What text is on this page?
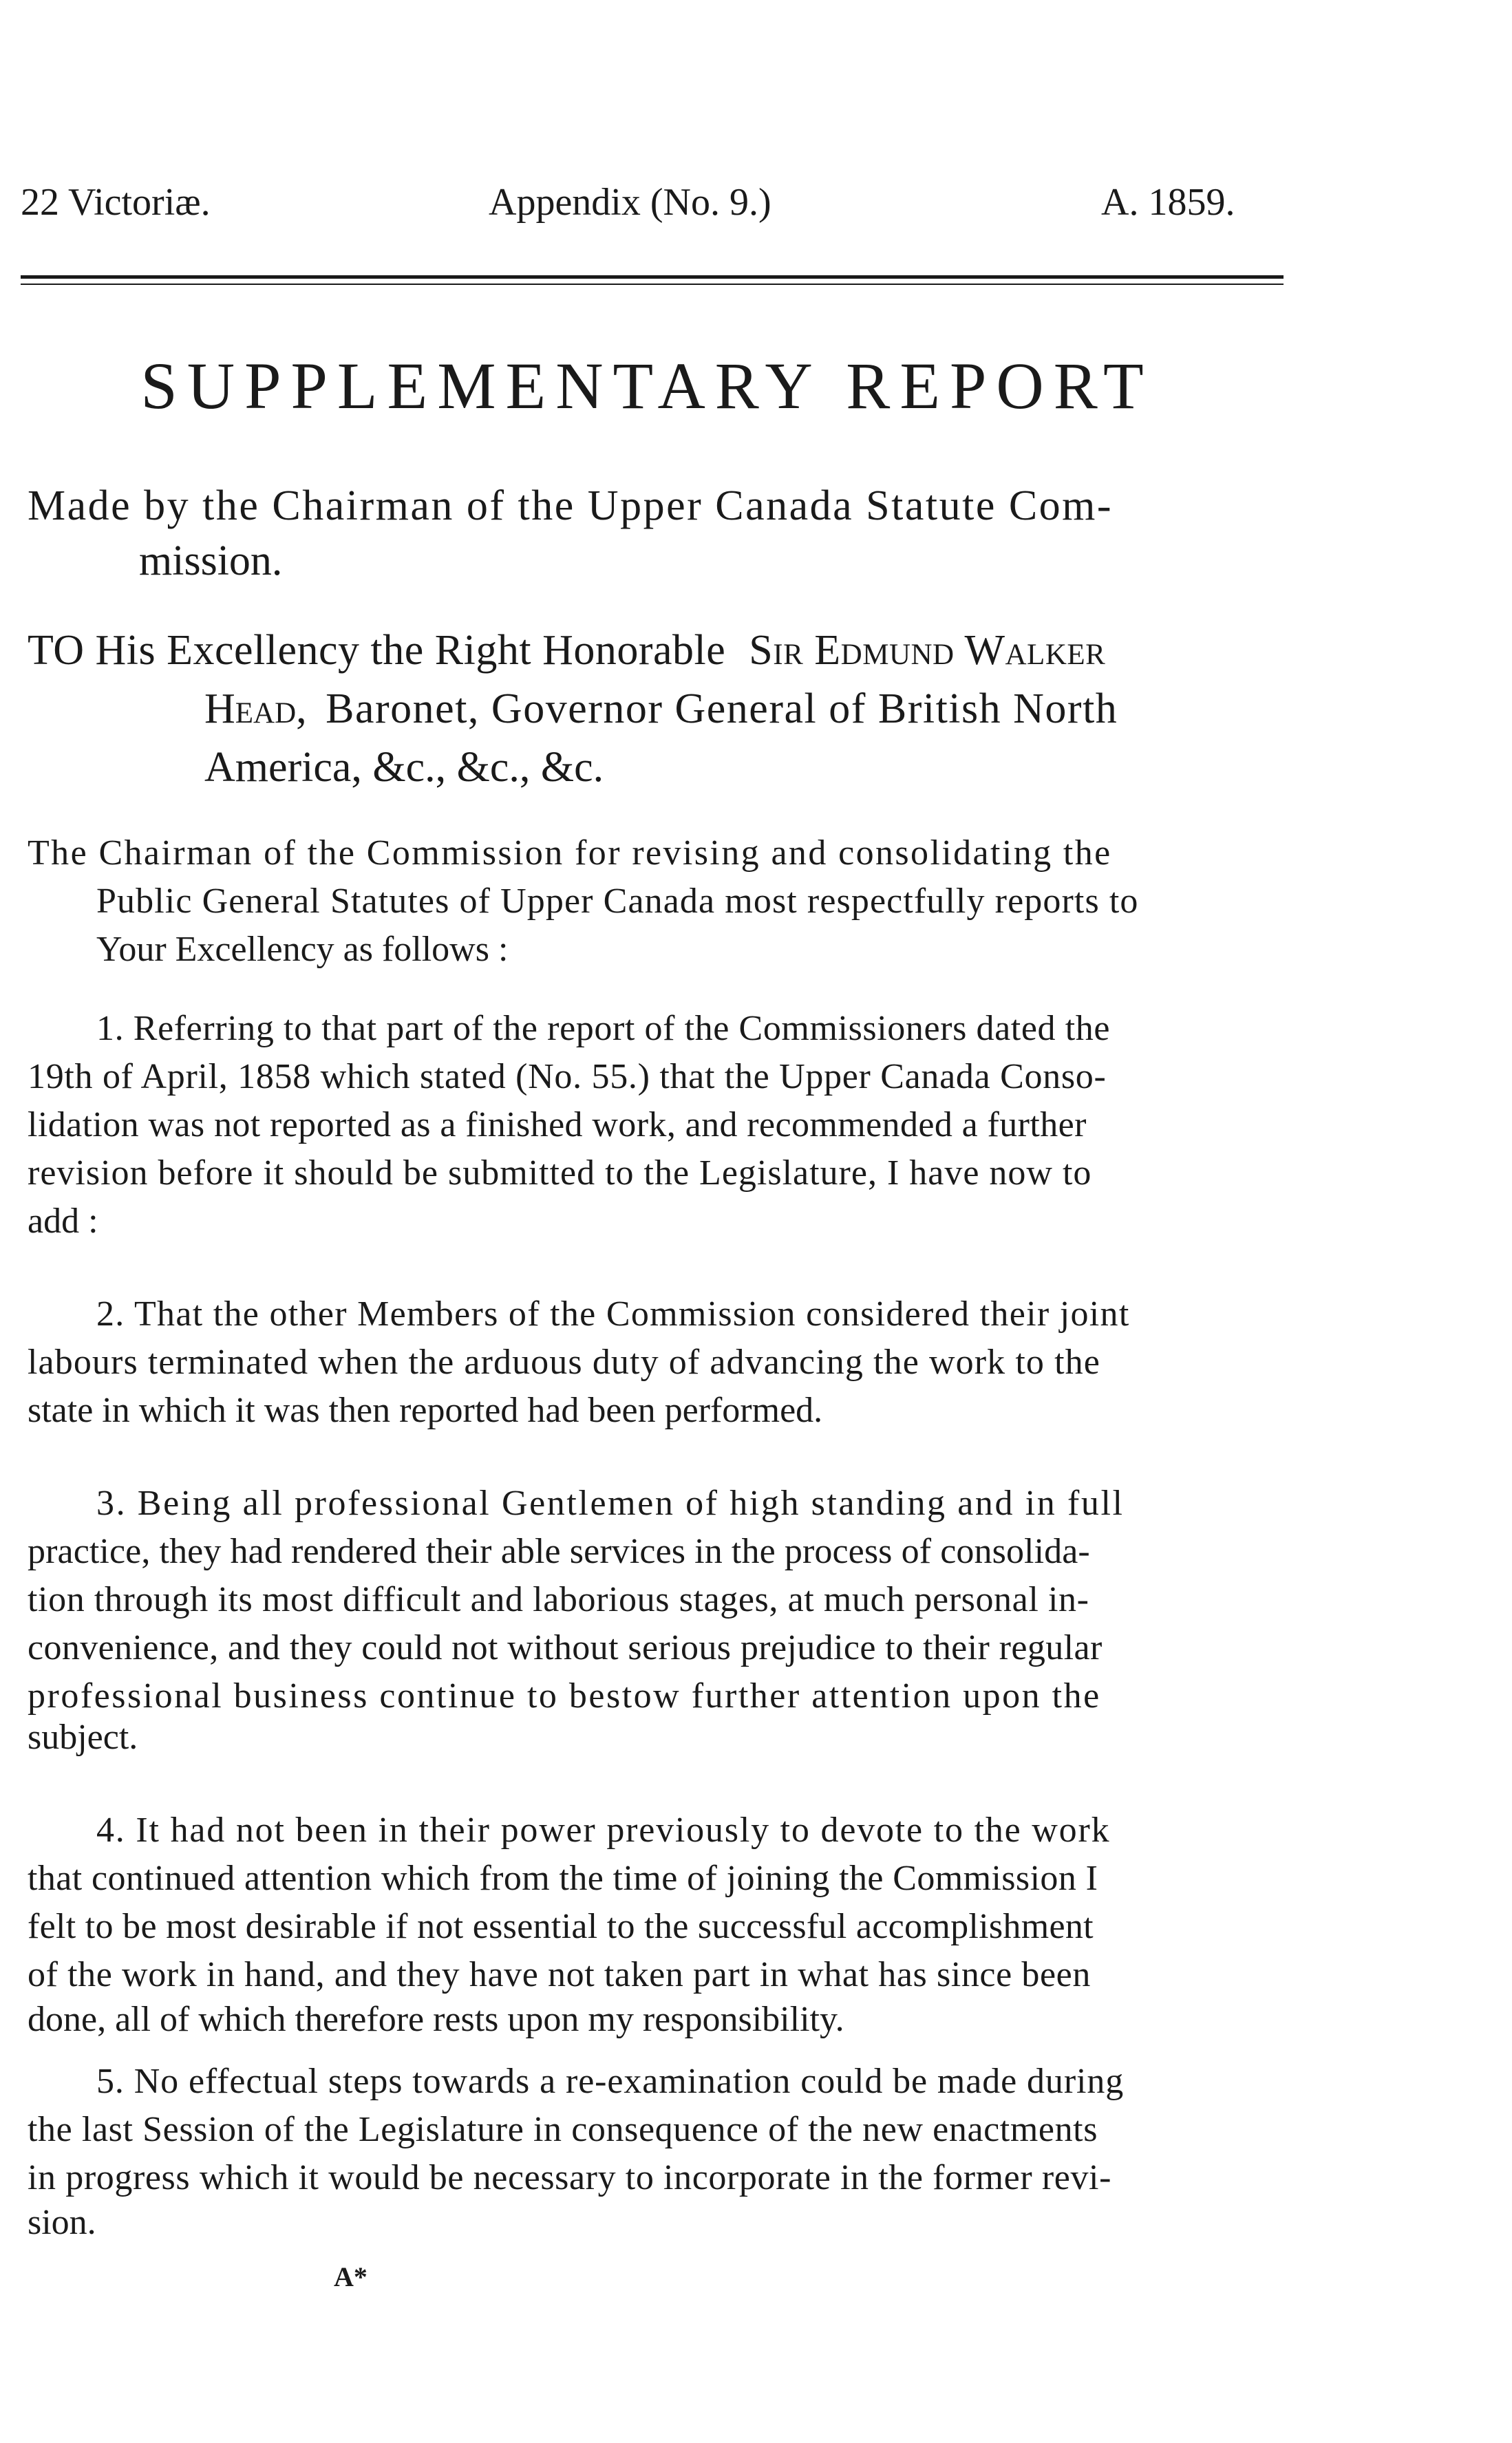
22 Victoriæ.	Appendix (No. 9.)	A. 1859.
SUPPLEMENTARY REPORT
Made by the Chairman of the Upper Canada Statute Com-
mission.
TO His Excellency the Right Honorable Sir Edmund Walker
Head, Baronet, Governor General of British North
America, &c., &c., &c.
The Chairman of the Commission for revising and consolidating the
Public General Statutes of Upper Canada most respectfully reports to
Your Excellency as follows :
1. Referring to that part of the report of the Commissioners dated the
19th of April, 1858 which stated (No. 55.) that the Upper Canada Conso-
lidation was not reported as a finished work, and recommended a further
revision before it should be submitted to the Legislature, I have now to
add :
2. That the other Members of the Commission considered their joint
labours terminated when the arduous duty of advancing the work to the
state in which it was then reported had been performed.
3. Being all professional Gentlemen of high standing and in full
practice, they had rendered their able services in the process of consolida-
tion through its most difficult and laborious stages, at much personal in-
convenience, and they could not without serious prejudice to their regular
professional business continue to bestow further attention upon the
subject.
4. It had not been in their power previously to devote to the work
that continued attention which from the time of joining the Commission I
felt to be most desirable if not essential to the successful accomplishment
of the work in hand, and they have not taken part in what has since been
done, all of which therefore rests upon my responsibility.
5. No effectual steps towards a re-examination could be made during
the last Session of the Legislature in consequence of the new enactments
in progress which it would be necessary to incorporate in the former revi-
sion.
A*
